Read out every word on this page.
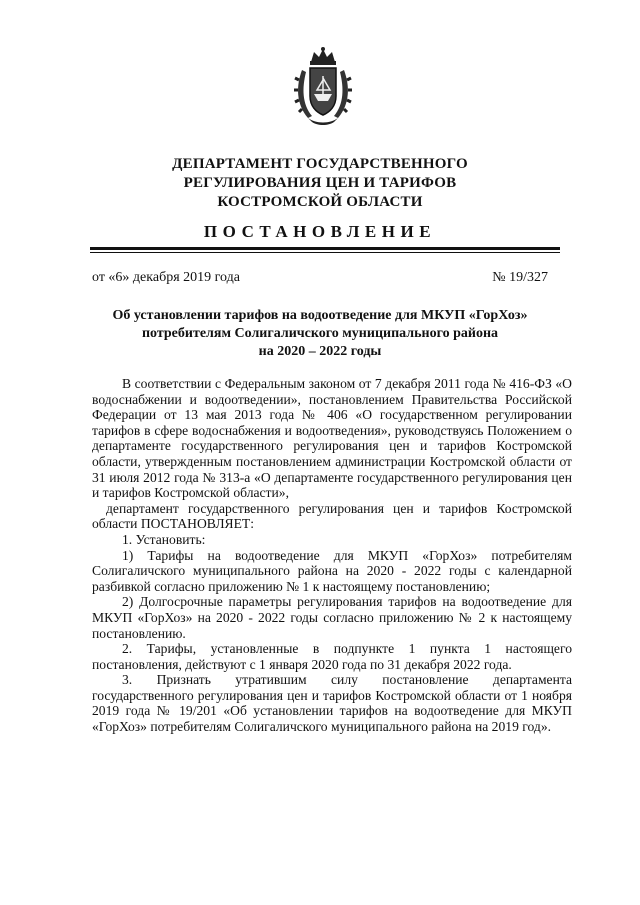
ДЕПАРТАМЕНТ ГОСУДАРСТВЕННОГО
РЕГУЛИРОВАНИЯ ЦЕН И ТАРИФОВ
КОСТРОМСКОЙ ОБЛАСТИ
ПОСТАНОВЛЕНИЕ
от «6» декабря 2019 года	№ 19/327
Об установлении тарифов на водоотведение для МКУП «ГорХоз»
потребителям Солигаличского муниципального района
на 2020 – 2022 годы

В соответствии с Федеральным законом от 7 декабря 2011 года № 416-ФЗ «О водоснабжении и водоотведении», постановлением Правительства Российской Федерации от 13 мая 2013 года № 406 «О государственном регулировании тарифов в сфере водоснабжения и водоотведения», руководствуясь Положением о департаменте государственного регулирования цен и тарифов Костромской области, утвержденным постановлением администрации Костромской области от 31 июля 2012 года № 313-а «О департаменте государственного регулирования цен и тарифов Костромской области»,

департамент государственного регулирования цен и тарифов Костромской области ПОСТАНОВЛЯЕТ:

1. Установить:

1) Тарифы на водоотведение для МКУП «ГорХоз» потребителям Солигаличского муниципального района на 2020 - 2022 годы с календарной разбивкой согласно приложению № 1 к настоящему постановлению;

2) Долгосрочные параметры регулирования тарифов на водоотведение для МКУП «ГорХоз» на 2020 - 2022 годы согласно приложению № 2 к настоящему постановлению.

2. Тарифы, установленные в подпункте 1 пункта 1 настоящего постановления, действуют с 1 января 2020 года по 31 декабря 2022 года.

3. Признать утратившим силу постановление департамента государственного регулирования цен и тарифов Костромской области от 1 ноября 2019 года № 19/201 «Об установлении тарифов на водоотведение для МКУП «ГорХоз» потребителям Солигаличского муниципального района на 2019 год».
